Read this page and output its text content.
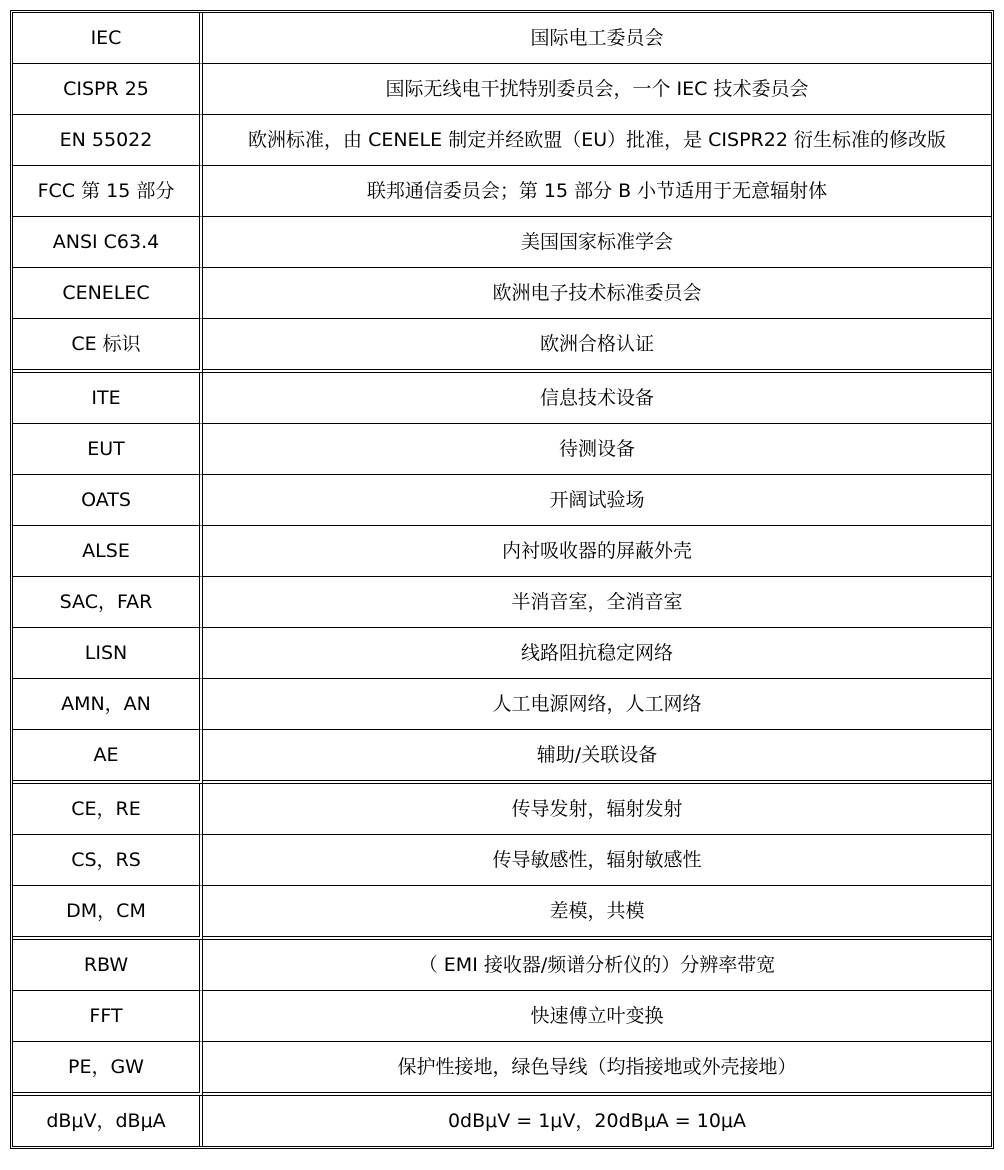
IEC	国际电工委员会
CISPR 25	国际无线电干扰特别委员会，一个 IEC 技术委员会
EN 55022	欧洲标准，由 CENELE 制定并经欧盟（EU）批准，是 CISPR22 衍生标准的修改版
FCC 第 15 部分	联邦通信委员会；第 15 部分 B 小节适用于无意辐射体
ANSI C63.4	美国国家标准学会
CENELEC	欧洲电子技术标准委员会
CE 标识	欧洲合格认证
ITE	信息技术设备
EUT	待测设备
OATS	开阔试验场
ALSE	内衬吸收器的屏蔽外壳
SAC，FAR	半消音室，全消音室
LISN	线路阻抗稳定网络
AMN，AN	人工电源网络，人工网络
AE	辅助/关联设备
CE，RE	传导发射，辐射发射
CS，RS	传导敏感性，辐射敏感性
DM，CM	差模，共模
RBW	（ EMI 接收器/频谱分析仪的）分辨率带宽
FFT	快速傅立叶变换
PE，GW	保护性接地，绿色导线（均指接地或外壳接地）
dBμV，dBμA	0dBμV = 1μV，20dBμA = 10μA
